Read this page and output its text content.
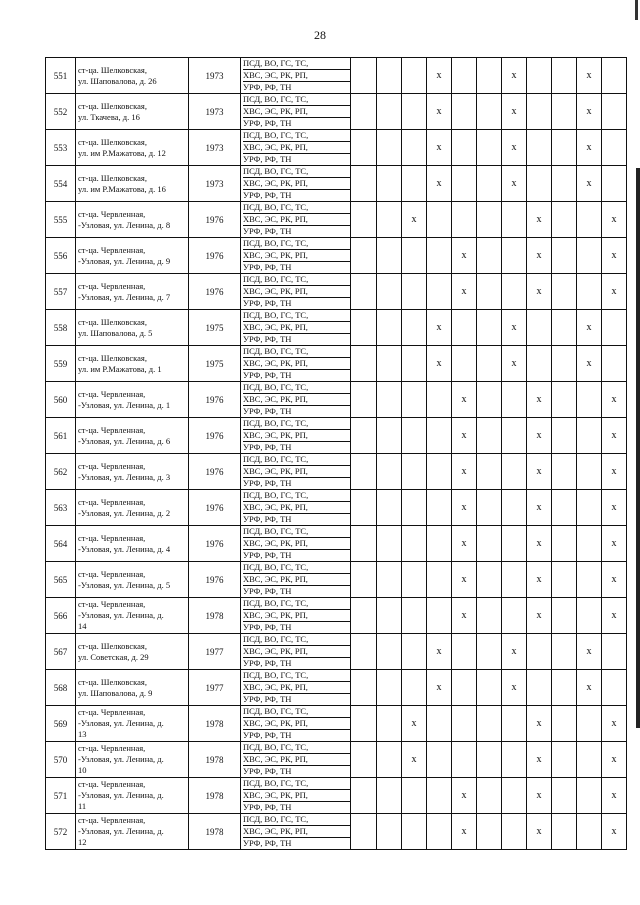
28
551	ст-ца. Шелковская,
ул. Шаповалова, д. 26	1973	ПСД, ВО, ГС, ТС,
ХВС, ЭС, РК, РП,
УРФ, РФ, ТН				x			x			x	
552	ст-ца. Шелковская,
ул. Ткачева, д. 16	1973	ПСД, ВО, ГС, ТС,
ХВС, ЭС, РК, РП,
УРФ, РФ, ТН				x			x			x	
553	ст-ца. Шелковская,
ул. им Р.Мажатова, д. 12	1973	ПСД, ВО, ГС, ТС,
ХВС, ЭС, РК, РП,
УРФ, РФ, ТН				x			x			x	
554	ст-ца. Шелковская,
ул. им Р.Мажатова, д. 16	1973	ПСД, ВО, ГС, ТС,
ХВС, ЭС, РК, РП,
УРФ, РФ, ТН				x			x			x	
555	ст-ца. Червленная,
-Узловая, ул. Ленина, д. 8	1976	ПСД, ВО, ГС, ТС,
ХВС, ЭС, РК, РП,
УРФ, РФ, ТН			x					x			x
556	ст-ца. Червленная,
-Узловая, ул. Ленина, д. 9	1976	ПСД, ВО, ГС, ТС,
ХВС, ЭС, РК, РП,
УРФ, РФ, ТН					x			x			x
557	ст-ца. Червленная,
-Узловая, ул. Ленина, д. 7	1976	ПСД, ВО, ГС, ТС,
ХВС, ЭС, РК, РП,
УРФ, РФ, ТН					x			x			x
558	ст-ца. Шелковская,
ул. Шаповалова, д. 5	1975	ПСД, ВО, ГС, ТС,
ХВС, ЭС, РК, РП,
УРФ, РФ, ТН				x			x			x	
559	ст-ца. Шелковская,
ул. им Р.Мажатова, д. 1	1975	ПСД, ВО, ГС, ТС,
ХВС, ЭС, РК, РП,
УРФ, РФ, ТН				x			x			x	
560	ст-ца. Червленная,
-Узловая, ул. Ленина, д. 1	1976	ПСД, ВО, ГС, ТС,
ХВС, ЭС, РК, РП,
УРФ, РФ, ТН					x			x			x
561	ст-ца. Червленная,
-Узловая, ул. Ленина, д. 6	1976	ПСД, ВО, ГС, ТС,
ХВС, ЭС, РК, РП,
УРФ, РФ, ТН					x			x			x
562	ст-ца. Червленная,
-Узловая, ул. Ленина, д. 3	1976	ПСД, ВО, ГС, ТС,
ХВС, ЭС, РК, РП,
УРФ, РФ, ТН					x			x			x
563	ст-ца. Червленная,
-Узловая, ул. Ленина, д. 2	1976	ПСД, ВО, ГС, ТС,
ХВС, ЭС, РК, РП,
УРФ, РФ, ТН					x			x			x
564	ст-ца. Червленная,
-Узловая, ул. Ленина, д. 4	1976	ПСД, ВО, ГС, ТС,
ХВС, ЭС, РК, РП,
УРФ, РФ, ТН					x			x			x
565	ст-ца. Червленная,
-Узловая, ул. Ленина, д. 5	1976	ПСД, ВО, ГС, ТС,
ХВС, ЭС, РК, РП,
УРФ, РФ, ТН					x			x			x
566	ст-ца. Червленная,
-Узловая, ул. Ленина, д.
14	1978	ПСД, ВО, ГС, ТС,
ХВС, ЭС, РК, РП,
УРФ, РФ, ТН					x			x			x
567	ст-ца. Шелковская,
ул. Советская, д. 29	1977	ПСД, ВО, ГС, ТС,
ХВС, ЭС, РК, РП,
УРФ, РФ, ТН				x			x			x	
568	ст-ца. Шелковская,
ул. Шаповалова, д. 9	1977	ПСД, ВО, ГС, ТС,
ХВС, ЭС, РК, РП,
УРФ, РФ, ТН				x			x			x	
569	ст-ца. Червленная,
-Узловая, ул. Ленина, д.
13	1978	ПСД, ВО, ГС, ТС,
ХВС, ЭС, РК, РП,
УРФ, РФ, ТН			x					x			x
570	ст-ца. Червленная,
-Узловая, ул. Ленина, д.
10	1978	ПСД, ВО, ГС, ТС,
ХВС, ЭС, РК, РП,
УРФ, РФ, ТН			x					x			x
571	ст-ца. Червленная,
-Узловая, ул. Ленина, д.
11	1978	ПСД, ВО, ГС, ТС,
ХВС, ЭС, РК, РП,
УРФ, РФ, ТН					x			x			x
572	ст-ца. Червленная,
-Узловая, ул. Ленина, д.
12	1978	ПСД, ВО, ГС, ТС,
ХВС, ЭС, РК, РП,
УРФ, РФ, ТН					x			x			x
